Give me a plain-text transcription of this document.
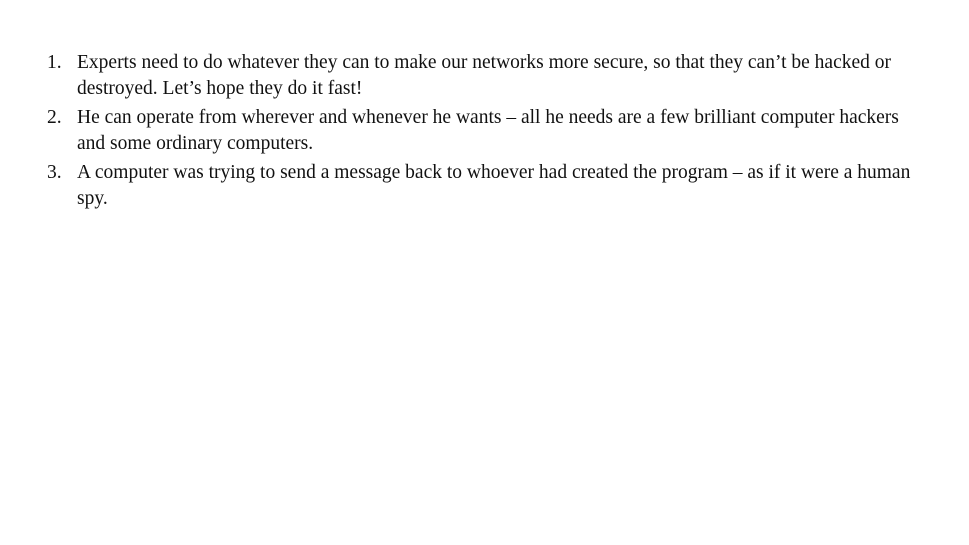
1. Experts need to do whatever they can to make our networks more secure, so that they can’t be hacked or destroyed. Let’s hope they do it fast!
2. He can operate from wherever and whenever he wants – all he needs are a few brilliant computer hackers and some ordinary computers.
3. A computer was trying to send a message back to whoever had created the program – as if it were a human spy.
